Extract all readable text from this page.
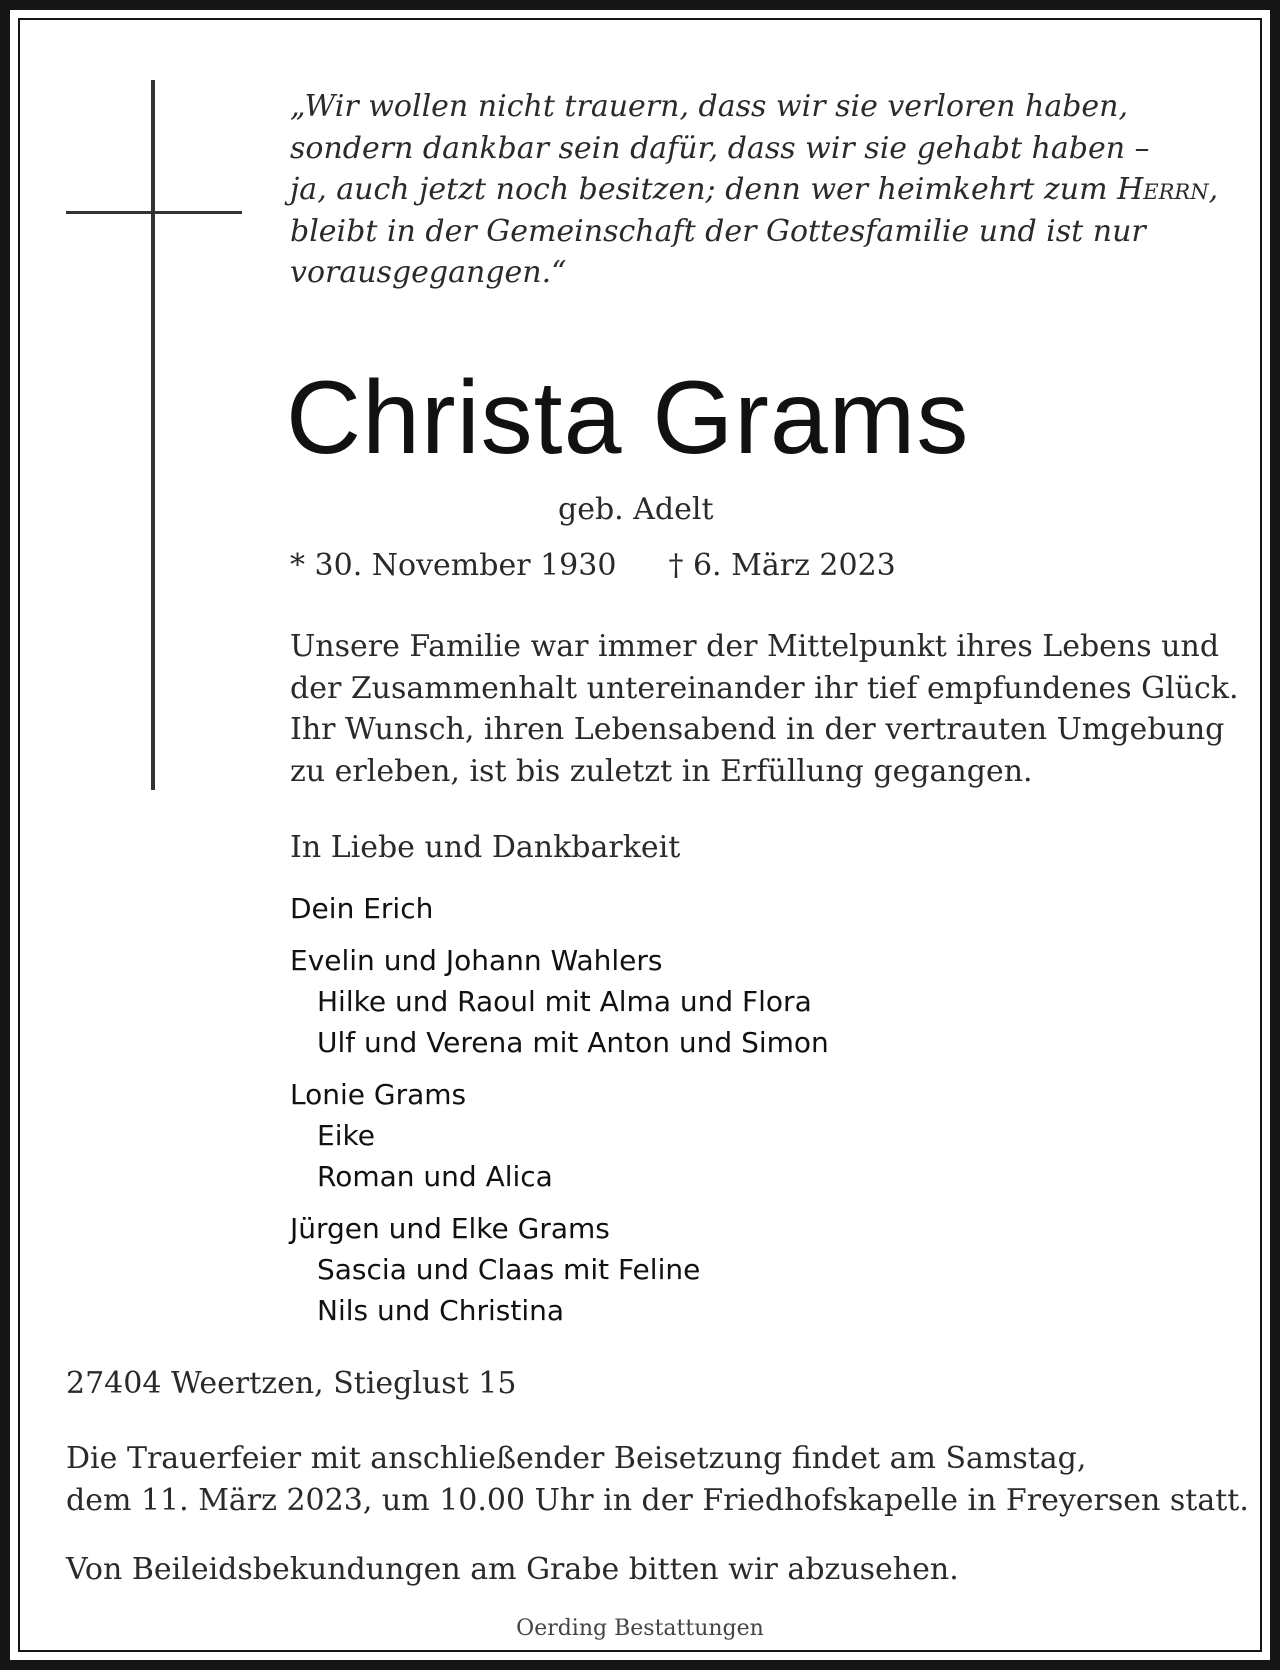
„Wir wollen nicht trauern, dass wir sie verloren haben,
sondern dankbar sein dafür, dass wir sie gehabt haben –
ja, auch jetzt noch besitzen; denn wer heimkehrt zum Herrn,
bleibt in der Gemeinschaft der Gottesfamilie und ist nur
vorausgegangen.“
Christa Grams
geb. Adelt
* 30. November 1930 † 6. März 2023
Unsere Familie war immer der Mittelpunkt ihres Lebens und
der Zusammenhalt untereinander ihr tief empfundenes Glück.
Ihr Wunsch, ihren Lebensabend in der vertrauten Umgebung
zu erleben, ist bis zuletzt in Erfüllung gegangen.
In Liebe und Dankbarkeit
Dein Erich
Evelin und Johann Wahlers
Hilke und Raoul mit Alma und Flora
Ulf und Verena mit Anton und Simon
Lonie Grams
Eike
Roman und Alica
Jürgen und Elke Grams
Sascia und Claas mit Feline
Nils und Christina
27404 Weertzen, Stieglust 15
Die Trauerfeier mit anschließender Beisetzung findet am Samstag,
dem 11. März 2023, um 10.00 Uhr in der Friedhofskapelle in Freyersen statt.
Von Beileidsbekundungen am Grabe bitten wir abzusehen.
Oerding Bestattungen
